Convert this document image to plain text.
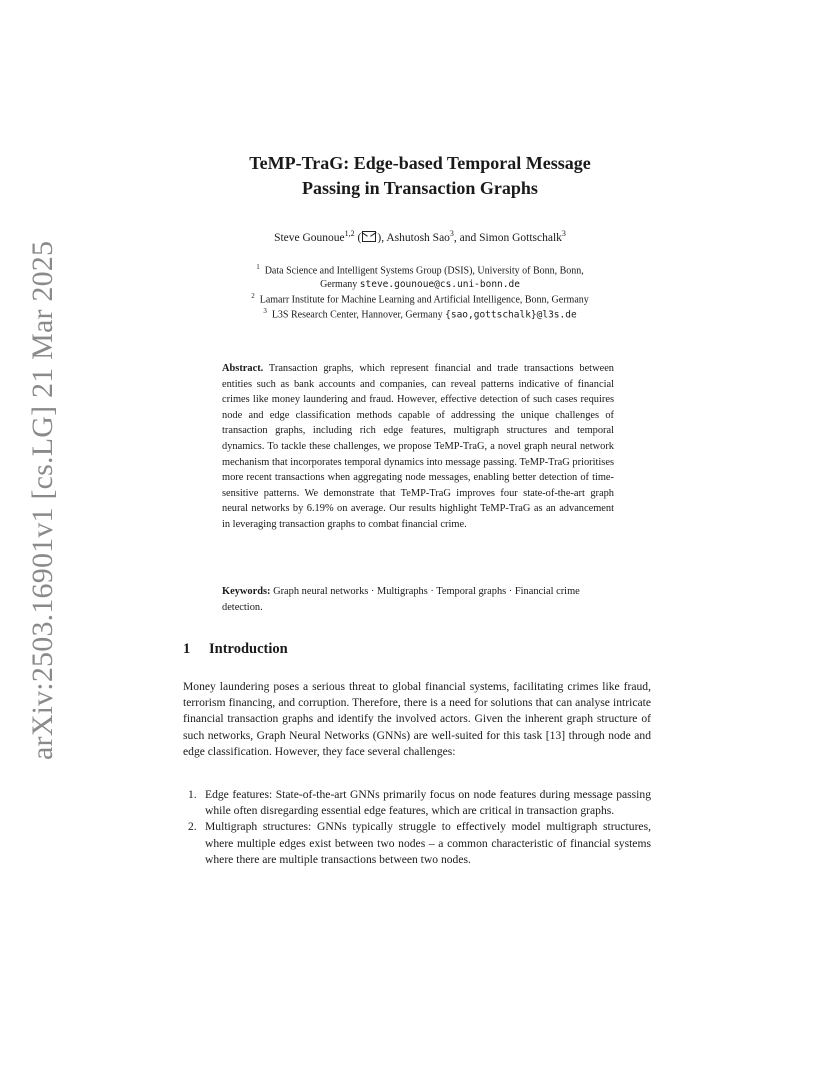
arXiv:2503.16901v1 [cs.LG] 21 Mar 2025
TeMP-TraG: Edge-based Temporal Message
Passing in Transaction Graphs
Steve Gounoue$^{1,2}$ ( ), Ashutosh Sao$^3$, and Simon Gottschalk$^3$
$^1$ Data Science and Intelligent Systems Group (DSIS), University of Bonn, Bonn,
Germany steve.gounoue@cs.uni-bonn.de
$^2$ Lamarr Institute for Machine Learning and Artificial Intelligence, Bonn, Germany
$^3$ L3S Research Center, Hannover, Germany {sao,gottschalk}@l3s.de
Abstract. Transaction graphs, which represent financial and trade transactions between entities such as bank accounts and companies, can reveal patterns indicative of financial crimes like money laundering and fraud. However, effective detection of such cases requires node and edge classification methods capable of addressing the unique challenges of transaction graphs, including rich edge features, multigraph structures and temporal dynamics. To tackle these challenges, we propose TeMP-TraG, a novel graph neural network mechanism that incorporates temporal dynamics into message passing. TeMP-TraG prioritises more recent transactions when aggregating node messages, enabling better detection of time-sensitive patterns. We demonstrate that TeMP-TraG improves four state-of-the-art graph neural networks by 6.19% on average. Our results highlight TeMP-TraG as an advancement in leveraging transaction graphs to combat financial crime.
Keywords: Graph neural networks · Multigraphs · Temporal graphs · Financial crime detection.
1 Introduction
Money laundering poses a serious threat to global financial systems, facilitating crimes like fraud, terrorism financing, and corruption. Therefore, there is a need for solutions that can analyse intricate financial transaction graphs and identify the involved actors. Given the inherent graph structure of such networks, Graph Neural Networks (GNNs) are well-suited for this task [13] through node and edge classification. However, they face several challenges:
1. Edge features: State-of-the-art GNNs primarily focus on node features during message passing while often disregarding essential edge features, which are critical in transaction graphs.
2. Multigraph structures: GNNs typically struggle to effectively model multigraph structures, where multiple edges exist between two nodes – a common characteristic of financial systems where there are multiple transactions between two nodes.
